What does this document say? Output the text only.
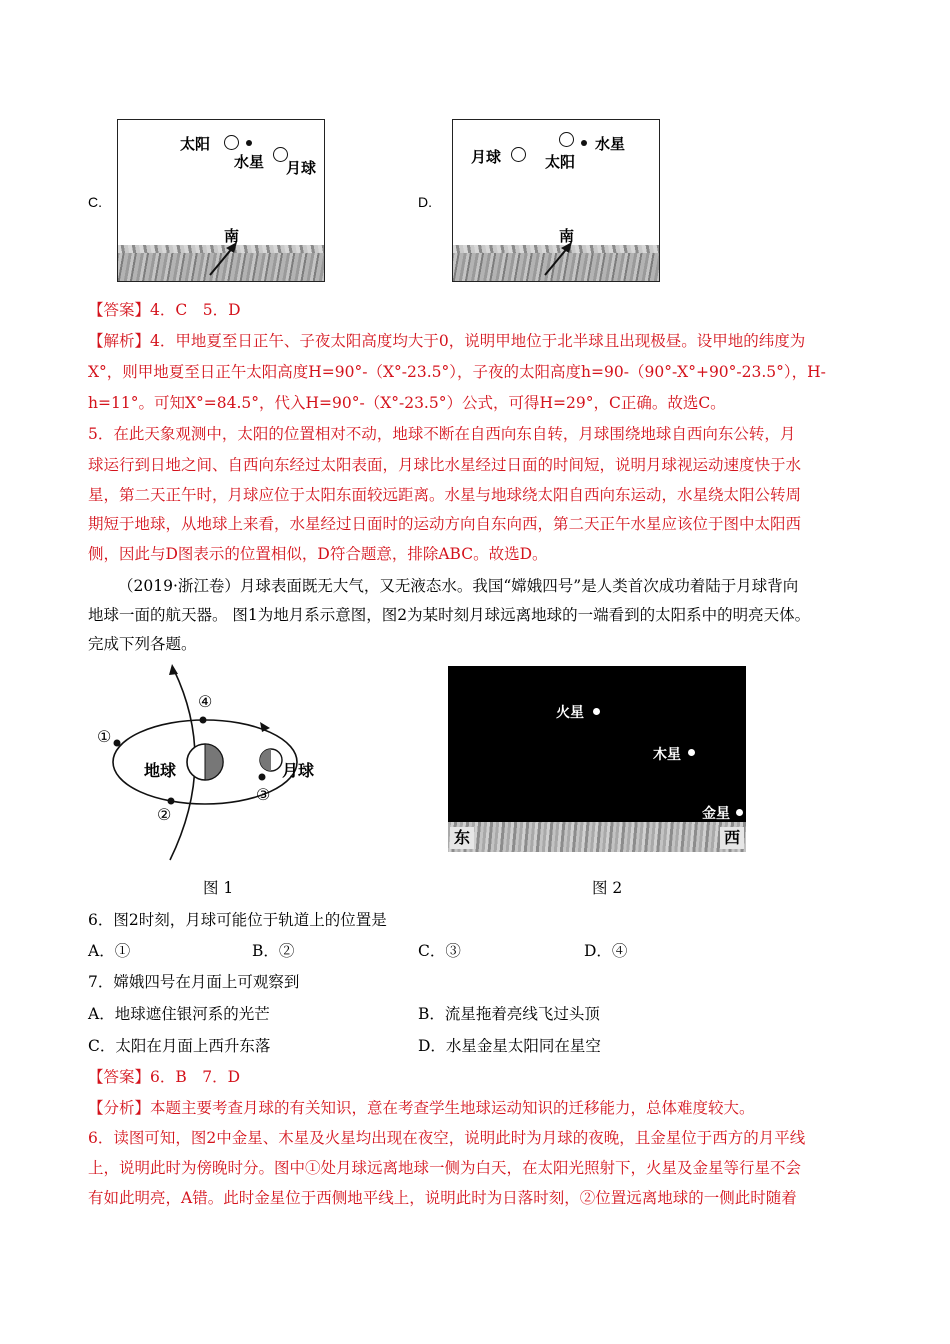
C.
太阳
水星 月球
南
D.
月球
水星
太阳
南
【答案】4．C　5．D
【解析】4．甲地夏至日正午、子夜太阳高度均大于0，说明甲地位于北半球且出现极昼。设甲地的纬度为
X°，则甲地夏至日正午太阳高度H=90°-（X°-23.5°），子夜的太阳高度h=90-（90°-X°+90°-23.5°），H-
h=11°。可知X°=84.5°，代入H=90°-（X°-23.5°）公式，可得H=29°，C正确。故选C。
5．在此天象观测中，太阳的位置相对不动，地球不断在自西向东自转，月球围绕地球自西向东公转，月
球运行到日地之间、自西向东经过太阳表面，月球比水星经过日面的时间短，说明月球视运动速度快于水
星，第二天正午时，月球应位于太阳东面较远距离。水星与地球绕太阳自西向东运动，水星绕太阳公转周
期短于地球，从地球上来看，水星经过日面时的运动方向自东向西，第二天正午水星应该位于图中太阳西
侧，因此与D图表示的位置相似，D符合题意，排除ABC。故选D。
（2019·浙江卷）月球表面既无大气，又无液态水。我国“嫦娥四号”是人类首次成功着陆于月球背向
地球一面的航天器。 图1为地月系示意图，图2为某时刻月球远离地球的一端看到的太阳系中的明亮天体。
完成下列各题。
①
②
③
④
地球	月球
图 1
火星
木星
金星
东	西
图 2
6．图2时刻，月球可能位于轨道上的位置是
A．①	B．②	C．③	D．④
7．嫦娥四号在月面上可观察到
A．地球遮住银河系的光芒	B．流星拖着亮线飞过头顶
C．太阳在月面上西升东落	D．水星金星太阳同在星空
【答案】6．B　7．D
【分析】本题主要考查月球的有关知识，意在考查学生地球运动知识的迁移能力，总体难度较大。
6．读图可知，图2中金星、木星及火星均出现在夜空，说明此时为月球的夜晚，且金星位于西方的月平线
上，说明此时为傍晚时分。图中①处月球远离地球一侧为白天，在太阳光照射下，火星及金星等行星不会
有如此明亮，A错。此时金星位于西侧地平线上，说明此时为日落时刻，②位置远离地球的一侧此时随着
